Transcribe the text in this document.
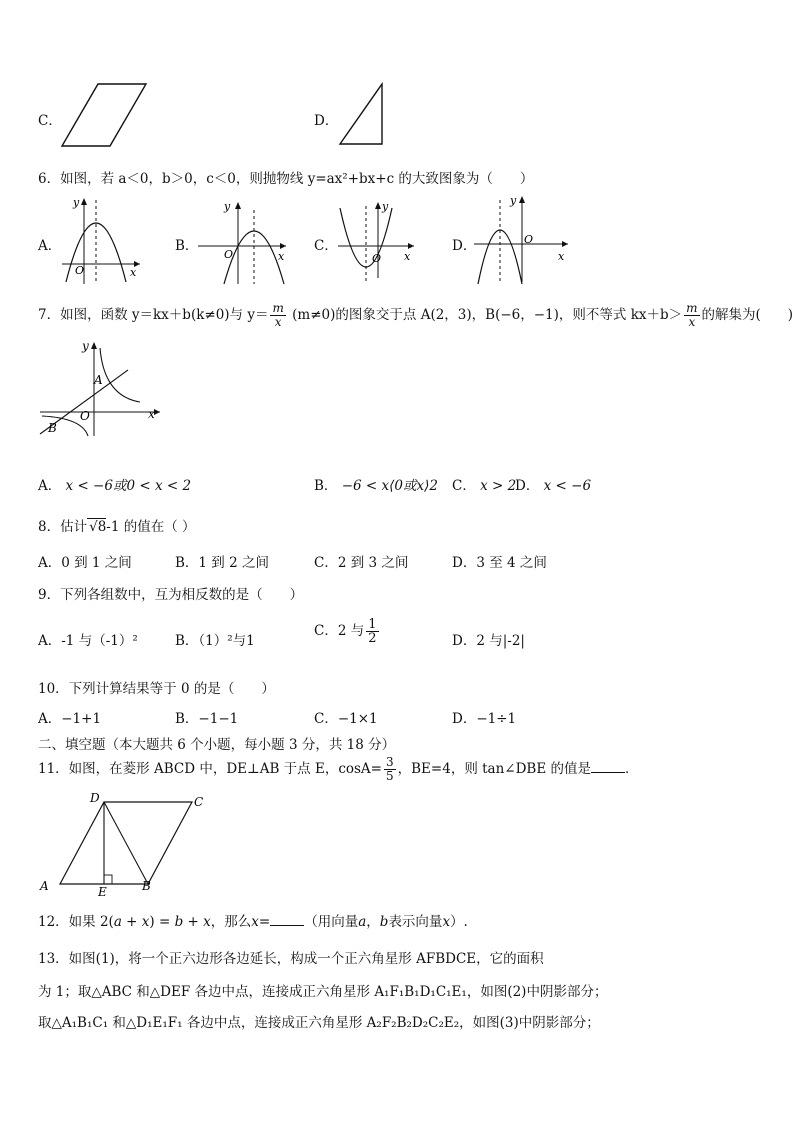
C．	D．
6．如图，若 a＜0，b＞0，c＜0，则抛物线 y=ax²+bx+c 的大致图象为（　　）
A．
y
x
O
B．
y
x
O
C．
y
x
O
D．
y
x
O
7．如图，函数 y＝kx＋b(k≠0)与 $y= \frac{m}{x} (m\ne 0)$的图象交于点 A(2，3)，B(−6，−1)，则不等式 $kx+b> \frac{m}{x}$ 的解集为(　　)
y
x
O
A
B
A． x < −6或0 < x < 2	B． −6 < x⟨0或x⟩2 C． x > 2
D． x < −6
8．估计 √8-1 的值在（ ）
A．0 到 1 之间	B．1 到 2 之间	C．2 到 3 之间	D．3 至 4 之间
9．下列各组数中，互为相反数的是（　　）
A．-1 与（-1）²	B．（1）²与1
C．2 与 $\frac{1}{2}$	D．2 与|-2|
10．下列计算结果等于 0 的是（　　）
A．−1+1	B．−1−1	C．−1×1	D．−1÷1
二、填空题（本大题共 6 个小题，每小题 3 分，共 18 分）
11．如图，在菱形 ABCD 中，DE⊥AB 于点 E，$\cos A= \frac{3}{5}$ ，BE=4，则 tan∠DBE 的值是	．
D	C
A	E	B
12．如果 2(a + x) = b + x，那么x=	（用向量a，b表示向量x）.
13．如图(1)，将一个正六边形各边延长，构成一个正六角星形 AFBDCE，它的面积
为 1；取△ABC 和△DEF 各边中点，连接成正六角星形 A₁F₁B₁D₁C₁E₁，如图(2)中阴影部分；
取△A₁B₁C₁ 和△D₁E₁F₁ 各边中点，连接成正六角星形 A₂F₂B₂D₂C₂E₂，如图(3)中阴影部分；
